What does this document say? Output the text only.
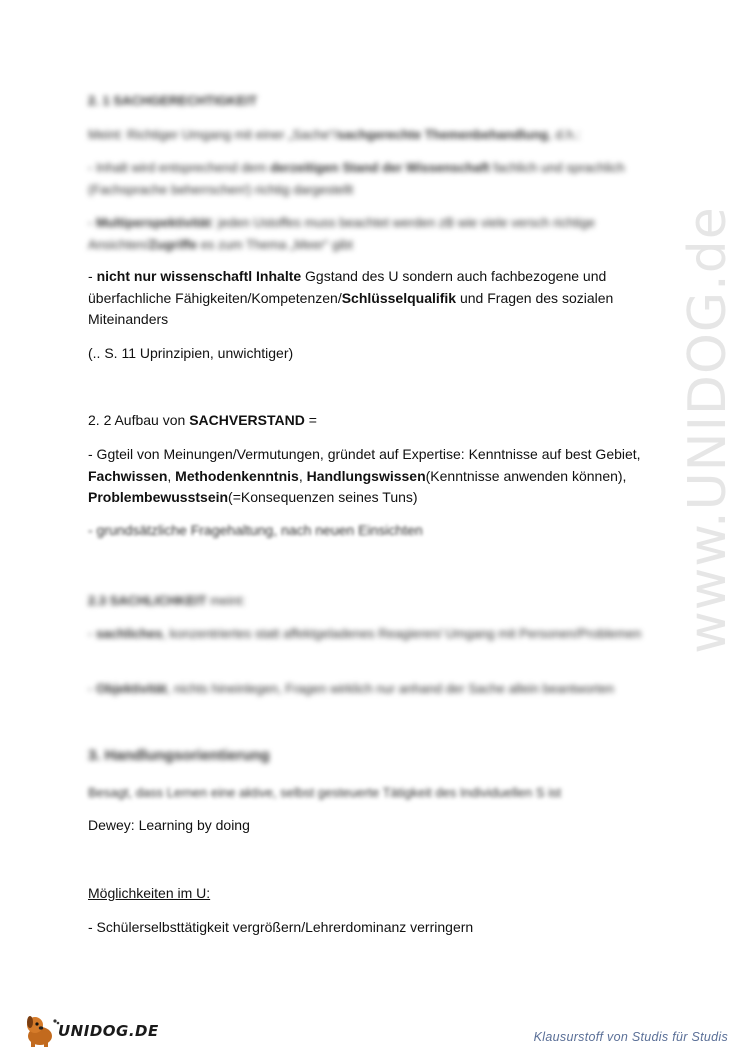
www.UNIDOG.de

2. 1 SACHGERECHTIGKEIT

Meint: Richtiger Umgang mit einer „Sache“/sachgerechte Themenbehandlung, d.h.:

- Inhalt wird entsprechend dem derzeitigen Stand der Wissenschaft fachlich und sprachlich (Fachsprache beherrschen!) richtig dargestellt

- Multiperspektivität: jeden Ustoffes muss beachtet werden zB wie viele versch richtige Ansichten/Zugriffe es zum Thema „Meer“ gibt

- nicht nur wissenschaftl Inhalte Ggstand des U sondern auch fachbezogene und überfachliche Fähigkeiten/Kompetenzen/Schlüsselqualifik und Fragen des sozialen Miteinanders

(.. S. 11 Uprinzipien, unwichtiger)

2. 2 Aufbau von SACHVERSTAND =

- Ggteil von Meinungen/Vermutungen, gründet auf Expertise: Kenntnisse auf best Gebiet, Fachwissen, Methodenkenntnis, Handlungswissen(Kenntnisse anwenden können), Problembewusstsein(=Konsequenzen seines Tuns)

- grundsätzliche Fragehaltung, nach neuen Einsichten

2.3 SACHLICHKEIT meint:

- sachliches, konzentriertes statt affektgeladenes Reagieren/ Umgang mit Personen/Problemen

- Objektivität, nichts hineinlegen, Fragen wirklich nur anhand der Sache allein beantworten

3. Handlungsorientierung

Besagt, dass Lernen eine aktive, selbst gesteuerte Tätigkeit des Individuellen S ist

Dewey: Learning by doing

Möglichkeiten im U:

- Schülerselbsttätigkeit vergrößern/Lehrerdominanz verringern

UNIDOG.DE	Klausurstoff von Studis für Studis
